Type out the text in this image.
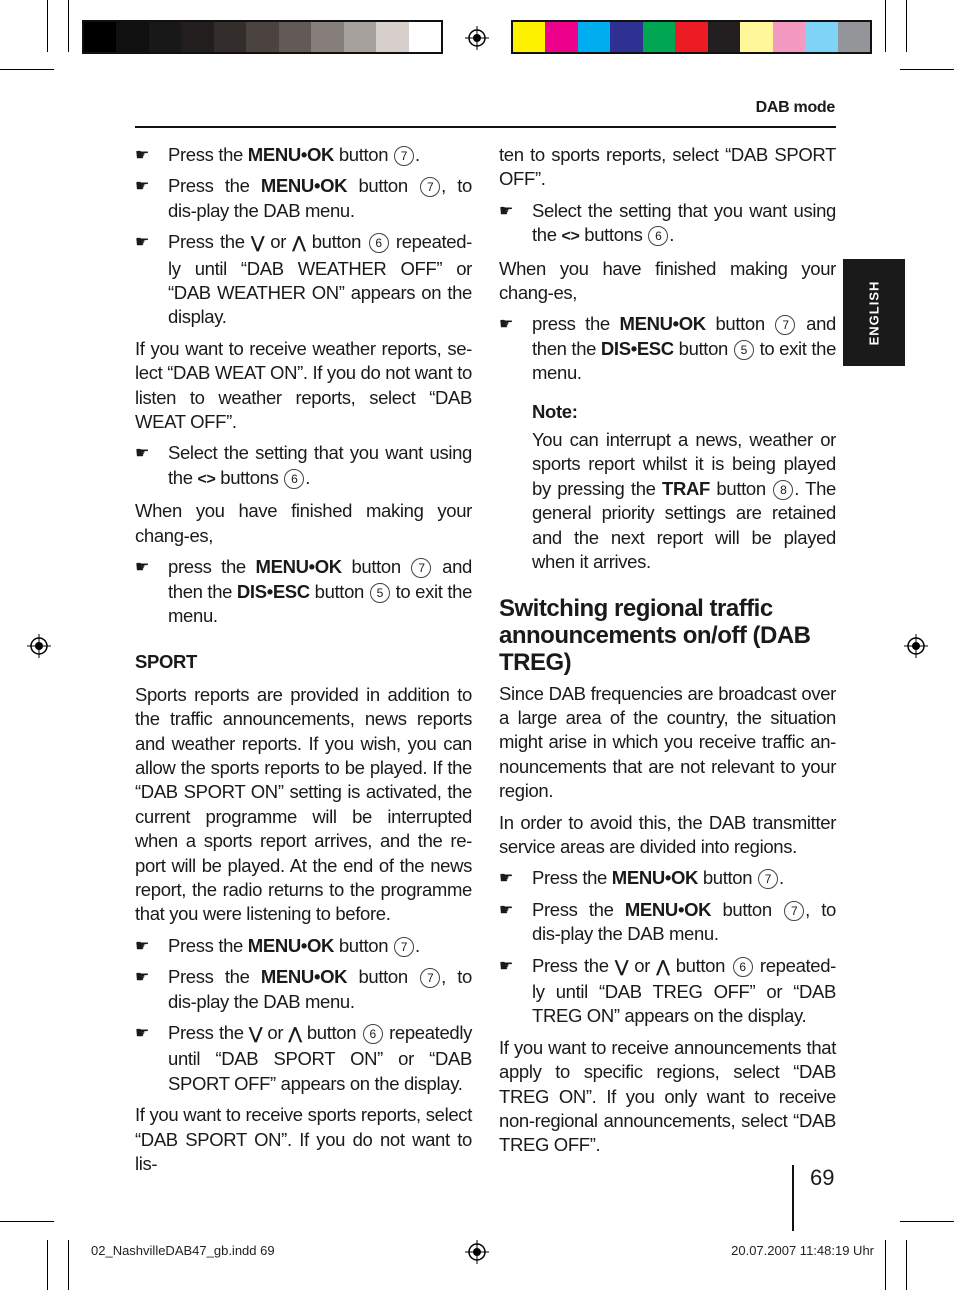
DAB mode
ENGLISH
☛ Press the MENU•OK button 7 .
☛ Press the MENU•OK button 7 , to dis-play the DAB menu.
☛ Press the ⋁ or ⋀ button 6 repeated-ly until “DAB WEATHER OFF” or “DAB WEATHER ON” appears on the display.

If you want to receive weather reports, se-lect “DAB WEAT ON”. If you do not want to listen to weather reports, select “DAB WEAT OFF”.

☛ Select the setting that you want using the <> buttons 6 .

When you have finished making your chang-es,

☛ press the MENU•OK button 7 and then the DIS•ESC button 5 to exit the menu.
SPORT

Sports reports are provided in addition to the traffic announcements, news reports and weather reports. If you wish, you can allow the sports reports to be played. If the “DAB SPORT ON” setting is activated, the current programme will be interrupted when a sports report arrives, and the re-port will be played. At the end of the news report, the radio returns to the programme that you were listening to before.

☛ Press the MENU•OK button 7 .
☛ Press the MENU•OK button 7 , to dis-play the DAB menu.
☛ Press the ⋁ or ⋀ button 6 repeatedly until “DAB SPORT ON” or “DAB SPORT OFF” appears on the display.

If you want to receive sports reports, select “DAB SPORT ON”. If you do not want to lis-

ten to sports reports, select “DAB SPORT OFF”.

☛ Select the setting that you want using the <> buttons 6 .

When you have finished making your chang-es,

☛ press the MENU•OK button 7 and then the DIS•ESC button 5 to exit the menu.
Note:
You can interrupt a news, weather or sports report whilst it is being played by pressing the TRAF button 8 . The general priority settings are retained and the next report will be played when it arrives.
Switching regional traffic announcements on/off (DAB TREG)

Since DAB frequencies are broadcast over a large area of the country, the situation might arise in which you receive traffic an-nouncements that are not relevant to your region.

In order to avoid this, the DAB transmitter service areas are divided into regions.

☛ Press the MENU•OK button 7 .
☛ Press the MENU•OK button 7 , to dis-play the DAB menu.
☛ Press the ⋁ or ⋀ button 6 repeated-ly until “DAB TREG OFF” or “DAB TREG ON” appears on the display.

If you want to receive announcements that apply to specific regions, select “DAB TREG ON”. If you only want to receive non-regional announcements, select “DAB TREG OFF”.

69
02_NashvilleDAB47_gb.indd 69	20.07.2007 11:48:19 Uhr
